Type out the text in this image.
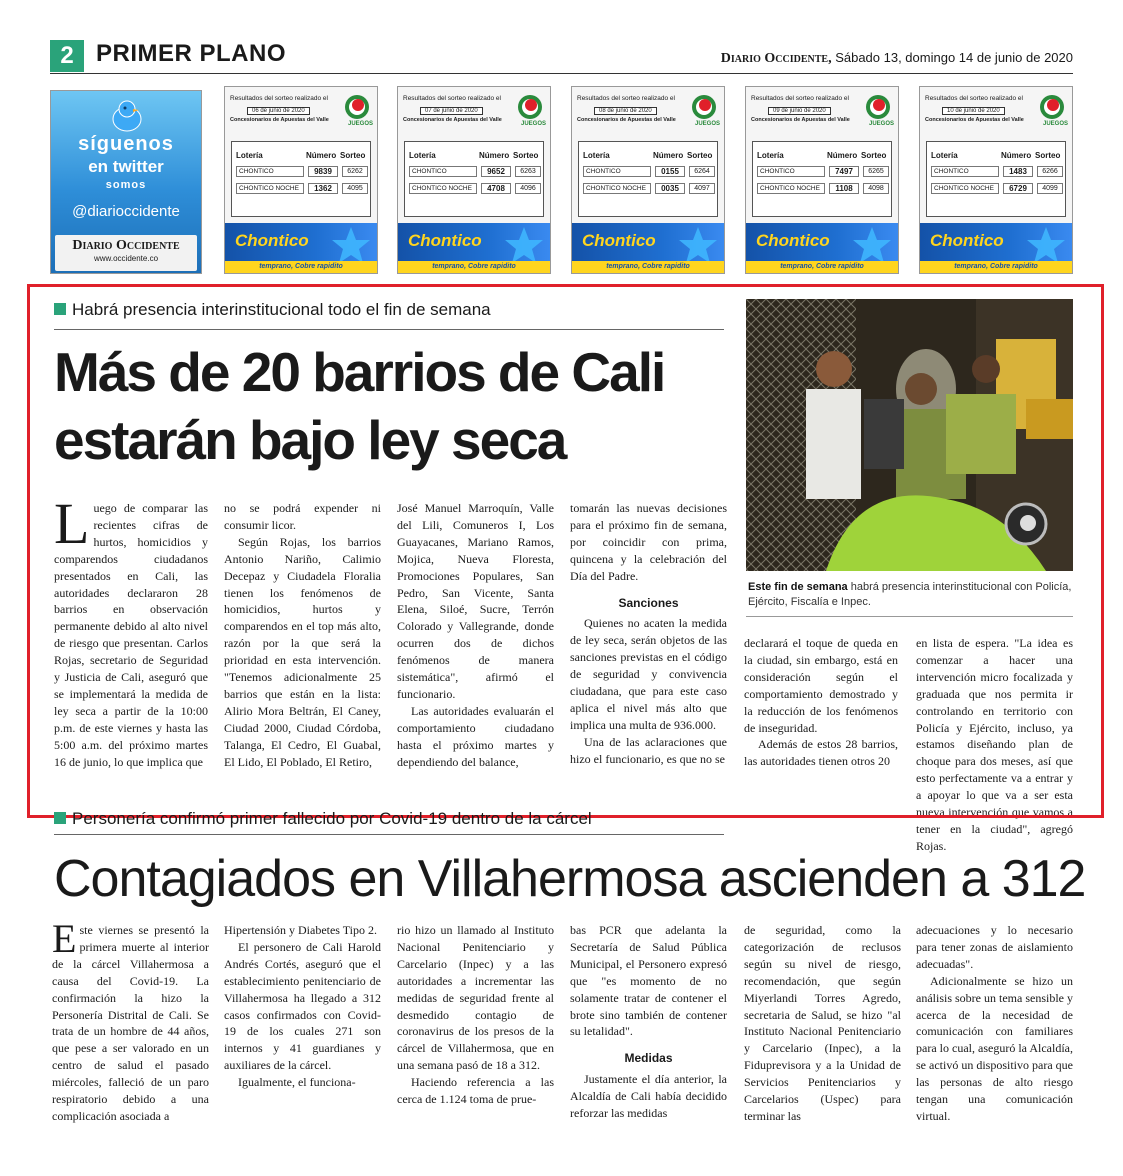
2 PRIMER PLANO	Diario Occidente, Sábado 13, domingo 14 de junio de 2020
síguenos
en twitter
somos
@diarioccidente
Diario Occidente
www.occidente.co
Resultados del sorteo realizado el
06 de junio de 2020
Concesionarios de Apuestas del Valle
JUEGOS
Lotería	Número Sorteo
CHONTICO	9839	6262
CHONTICO NOCHE	1362	4095
Chontico
temprano, Cobre rapidito
Resultados del sorteo realizado el
07 de junio de 2020
Concesionarios de Apuestas del Valle
JUEGOS
Lotería	Número Sorteo
CHONTICO	9652	6263
CHONTICO NOCHE	4708	4096
Chontico
temprano, Cobre rapidito
Resultados del sorteo realizado el
08 de junio de 2020
Concesionarios de Apuestas del Valle
JUEGOS
Lotería	Número Sorteo
CHONTICO	0155	6264
CHONTICO NOCHE	0035	4097
Chontico
temprano, Cobre rapidito
Resultados del sorteo realizado el
09 de junio de 2020
Concesionarios de Apuestas del Valle
JUEGOS
Lotería	Número Sorteo
CHONTICO	7497	6265
CHONTICO NOCHE	1108	4098
Chontico
temprano, Cobre rapidito
Resultados del sorteo realizado el
10 de junio de 2020
Concesionarios de Apuestas del Valle
JUEGOS
Lotería	Número Sorteo
CHONTICO	1483	6266
CHONTICO NOCHE	6729	4099
Chontico
temprano, Cobre rapidito
Habrá presencia interinstitucional todo el fin de semana
Más de 20 barrios de Cali estarán bajo ley seca

Luego de comparar las recientes cifras de hurtos, homicidios y comparendos ciudadanos presentados en Cali, las autoridades declararon 28 barrios en observación permanente debido al alto nivel de riesgo que presentan. Carlos Rojas, secretario de Seguridad y Justicia de Cali, aseguró que se implementará la medida de ley seca a partir de la 10:00 p.m. de este viernes y hasta las 5:00 a.m. del próximo martes 16 de junio, lo que implica que

no se podrá expender ni consumir licor.

Según Rojas, los barrios Antonio Nariño, Calimio Decepaz y Ciudadela Floralia tienen los fenómenos de homicidios, hurtos y comparendos en el top más alto, razón por la que será la prioridad en esta intervención. "Tenemos adicionalmente 25 barrios que están en la lista: Alirio Mora Beltrán, El Caney, Ciudad 2000, Ciudad Córdoba, Talanga, El Cedro, El Guabal, El Lido, El Poblado, El Retiro,

José Manuel Marroquín, Valle del Lili, Comuneros I, Los Guayacanes, Mariano Ramos, Mojica, Nueva Floresta, Promociones Populares, San Pedro, San Vicente, Santa Elena, Siloé, Sucre, Terrón Colorado y Vallegrande, donde ocurren dos de dichos fenómenos de manera sistemática", afirmó el funcionario.

Las autoridades evaluarán el comportamiento ciudadano hasta el próximo martes y dependiendo del balance,

tomarán las nuevas decisiones para el próximo fin de semana, por coincidir con prima, quincena y la celebración del Día del Padre.

Sanciones

Quienes no acaten la medida de ley seca, serán objetos de las sanciones previstas en el código de seguridad y convivencia ciudadana, que para este caso aplica el nivel más alto que implica una multa de 936.000.

Una de las aclaraciones que hizo el funcionario, es que no se

declarará el toque de queda en la ciudad, sin embargo, está en consideración según el comportamiento demostrado y la reducción de los fenómenos de inseguridad.

Además de estos 28 barrios, las autoridades tienen otros 20

en lista de espera. "La idea es comenzar a hacer una intervención micro focalizada y graduada que nos permita ir controlando en territorio con Policía y Ejército, incluso, ya estamos diseñando plan de choque para dos meses, así que esto perfectamente va a entrar y a apoyar lo que va a ser esta nueva intervención que vamos a tener en la ciudad", agregó Rojas.

Este fin de semana habrá presencia interinstitucional con Policía, Ejército, Fiscalía e Inpec.
Personería confirmó primer fallecido por Covid-19 dentro de la cárcel
Contagiados en Villahermosa ascienden a 312

Este viernes se presentó la primera muerte al interior de la cárcel Villahermosa a causa del Covid-19. La confirmación la hizo la Personería Distrital de Cali. Se trata de un hombre de 44 años, que pese a ser valorado en un centro de salud el pasado miércoles, falleció de un paro respiratorio debido a una complicación asociada a

Hipertensión y Diabetes Tipo 2.

El personero de Cali Harold Andrés Cortés, aseguró que el establecimiento penitenciario de Villahermosa ha llegado a 312 casos confirmados con Covid-19 de los cuales 271 son internos y 41 guardianes y auxiliares de la cárcel.

Igualmente, el funciona-

rio hizo un llamado al Instituto Nacional Penitenciario y Carcelario (Inpec) y a las autoridades a incrementar las medidas de seguridad frente al desmedido contagio de coronavirus de los presos de la cárcel de Villahermosa, que en una semana pasó de 18 a 312.

Haciendo referencia a las cerca de 1.124 toma de prue-

bas PCR que adelanta la Secretaría de Salud Pública Municipal, el Personero expresó que "es momento de no solamente tratar de contener el brote sino también de contener su letalidad".

Medidas

Justamente el día anterior, la Alcaldía de Cali había decidido reforzar las medidas

de seguridad, como la categorización de reclusos según su nivel de riesgo, recomendación, que según Miyerlandi Torres Agredo, secretaria de Salud, se hizo "al Instituto Nacional Penitenciario y Carcelario (Inpec), a la Fiduprevisora y a la Unidad de Servicios Penitenciarios y Carcelarios (Uspec) para terminar las

adecuaciones y lo necesario para tener zonas de aislamiento adecuadas".

Adicionalmente se hizo un análisis sobre un tema sensible y acerca de la necesidad de comunicación con familiares para lo cual, aseguró la Alcaldía, se activó un dispositivo para que las personas de alto riesgo tengan una comunicación virtual.
